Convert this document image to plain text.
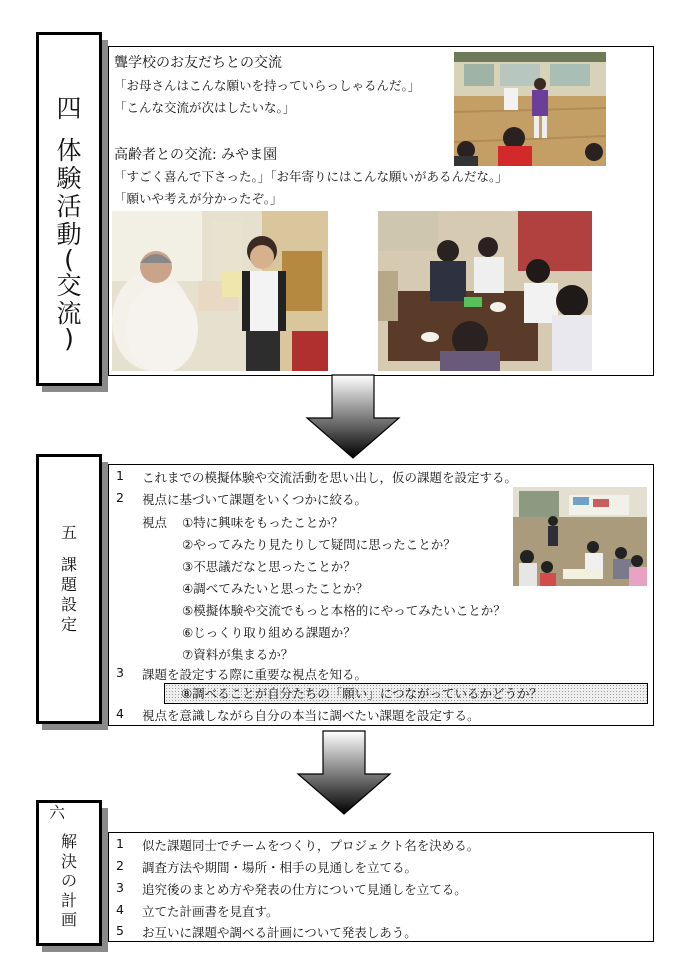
四
体
験
活
動
(
交
流
)
聾学校のお友だちとの交流
「お母さんはこんな願いを持っていらっしゃるんだ。」
「こんな交流が次はしたいな。」
高齢者との交流: みやま園
「すごく喜んで下さった。」「お年寄りにはこんな願いがあるんだな。」
「願いや考えが分かったぞ。」
五
課
題
設
定
1 これまでの模擬体験や交流活動を思い出し，仮の課題を設定する。
2 視点に基づいて課題をいくつかに絞る。
視点 ①特に興味をもったことか？
②やってみたり見たりして疑問に思ったことか？
③不思議だなと思ったことか？
④調べてみたいと思ったことか？
⑤模擬体験や交流でもっと本格的にやってみたいことか？
⑥じっくり取り組める課題か？
⑦資料が集まるか？
3 課題を設定する際に重要な視点を知る。
⑧調べることが自分たちの「願い」につながっているかどうか？
4 視点を意識しながら自分の本当に調べたい課題を設定する。
六
解
決
の
計
画
1 似た課題同士でチームをつくり，プロジェクト名を決める。
2 調査方法や期間・場所・相手の見通しを立てる。
3 追究後のまとめ方や発表の仕方について見通しを立てる。
4 立てた計画書を見直す。
5 お互いに課題や調べる計画について発表しあう。
